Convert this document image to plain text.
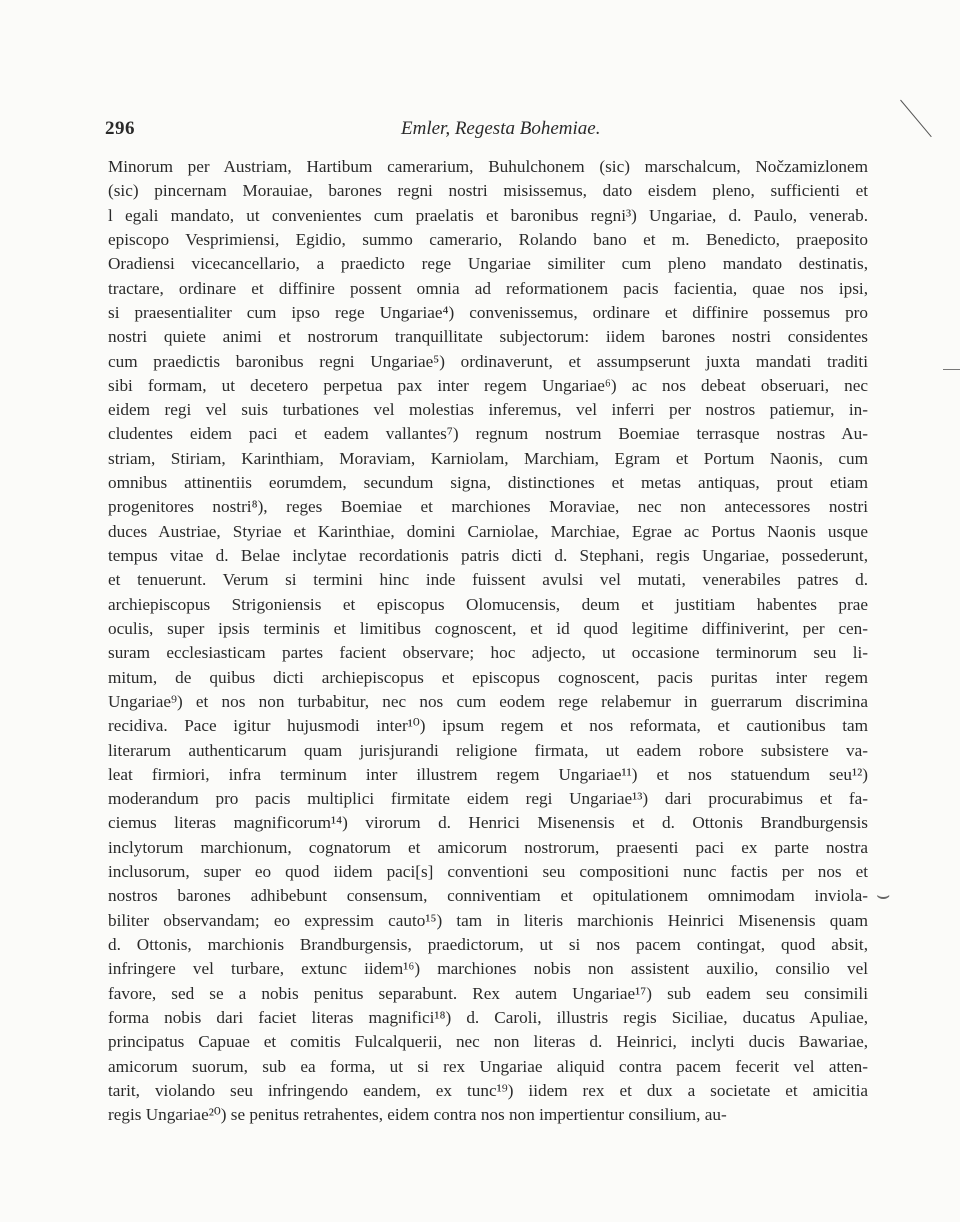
296	Emler, Regesta Bohemiae.
Minorum per Austriam, Hartibum camerarium, Buhulchonem (sic) marschalcum, Nočzamizlonem
(sic) pincernam Morauiae, barones regni nostri misissemus, dato eisdem pleno, sufficienti et
l egali mandato, ut convenientes cum praelatis et baronibus regni³) Ungariae, d. Paulo, venerab.
episcopo Vesprimiensi, Egidio, summo camerario, Rolando bano et m. Benedicto, praeposito
Oradiensi vicecancellario, a praedicto rege Ungariae similiter cum pleno mandato destinatis,
tractare, ordinare et diffinire possent omnia ad reformationem pacis facientia, quae nos ipsi,
si praesentialiter cum ipso rege Ungariae⁴) convenissemus, ordinare et diffinire possemus pro
nostri quiete animi et nostrorum tranquillitate subjectorum: iidem barones nostri considentes
cum praedictis baronibus regni Ungariae⁵) ordinaverunt, et assumpserunt juxta mandati traditi
sibi formam, ut decetero perpetua pax inter regem Ungariae⁶) ac nos debeat obseruari, nec
eidem regi vel suis turbationes vel molestias inferemus, vel inferri per nostros patiemur, in-
cludentes eidem paci et eadem vallantes⁷) regnum nostrum Boemiae terrasque nostras Au-
striam, Stiriam, Karinthiam, Moraviam, Karniolam, Marchiam, Egram et Portum Naonis, cum
omnibus attinentiis eorumdem, secundum signa, distinctiones et metas antiquas, prout etiam
progenitores nostri⁸), reges Boemiae et marchiones Moraviae, nec non antecessores nostri
duces Austriae, Styriae et Karinthiae, domini Carniolae, Marchiae, Egrae ac Portus Naonis usque
tempus vitae d. Belae inclytae recordationis patris dicti d. Stephani, regis Ungariae, possederunt,
et tenuerunt. Verum si termini hinc inde fuissent avulsi vel mutati, venerabiles patres d.
archiepiscopus Strigoniensis et episcopus Olomucensis, deum et justitiam habentes prae
oculis, super ipsis terminis et limitibus cognoscent, et id quod legitime diffiniverint, per cen-
suram ecclesiasticam partes facient observare; hoc adjecto, ut occasione terminorum seu li-
mitum, de quibus dicti archiepiscopus et episcopus cognoscent, pacis puritas inter regem
Ungariae⁹) et nos non turbabitur, nec nos cum eodem rege relabemur in guerrarum discrimina
recidiva. Pace igitur hujusmodi inter¹⁰) ipsum regem et nos reformata, et cautionibus tam
literarum authenticarum quam jurisjurandi religione firmata, ut eadem robore subsistere va-
leat firmiori, infra terminum inter illustrem regem Ungariae¹¹) et nos statuendum seu¹²)
moderandum pro pacis multiplici firmitate eidem regi Ungariae¹³) dari procurabimus et fa-
ciemus literas magnificorum¹⁴) virorum d. Henrici Misenensis et d. Ottonis Brandburgensis
inclytorum marchionum, cognatorum et amicorum nostrorum, praesenti paci ex parte nostra
inclusorum, super eo quod iidem paci[s] conventioni seu compositioni nunc factis per nos et
nostros barones adhibebunt consensum, conniventiam et opitulationem omnimodam inviola-
biliter observandam; eo expressim cauto¹⁵) tam in literis marchionis Heinrici Misenensis quam
d. Ottonis, marchionis Brandburgensis, praedictorum, ut si nos pacem contingat, quod absit,
infringere vel turbare, extunc iidem¹⁶) marchiones nobis non assistent auxilio, consilio vel
favore, sed se a nobis penitus separabunt. Rex autem Ungariae¹⁷) sub eadem seu consimili
forma nobis dari faciet literas magnifici¹⁸) d. Caroli, illustris regis Siciliae, ducatus Apuliae,
principatus Capuae et comitis Fulcalquerii, nec non literas d. Heinrici, inclyti ducis Bawariae,
amicorum suorum, sub ea forma, ut si rex Ungariae aliquid contra pacem fecerit vel atten-
tarit, violando seu infringendo eandem, ex tunc¹⁹) iidem rex et dux a societate et amicitia
regis Ungariae²⁰) se penitus retrahentes, eidem contra nos non impertientur consilium, au-
⌣
